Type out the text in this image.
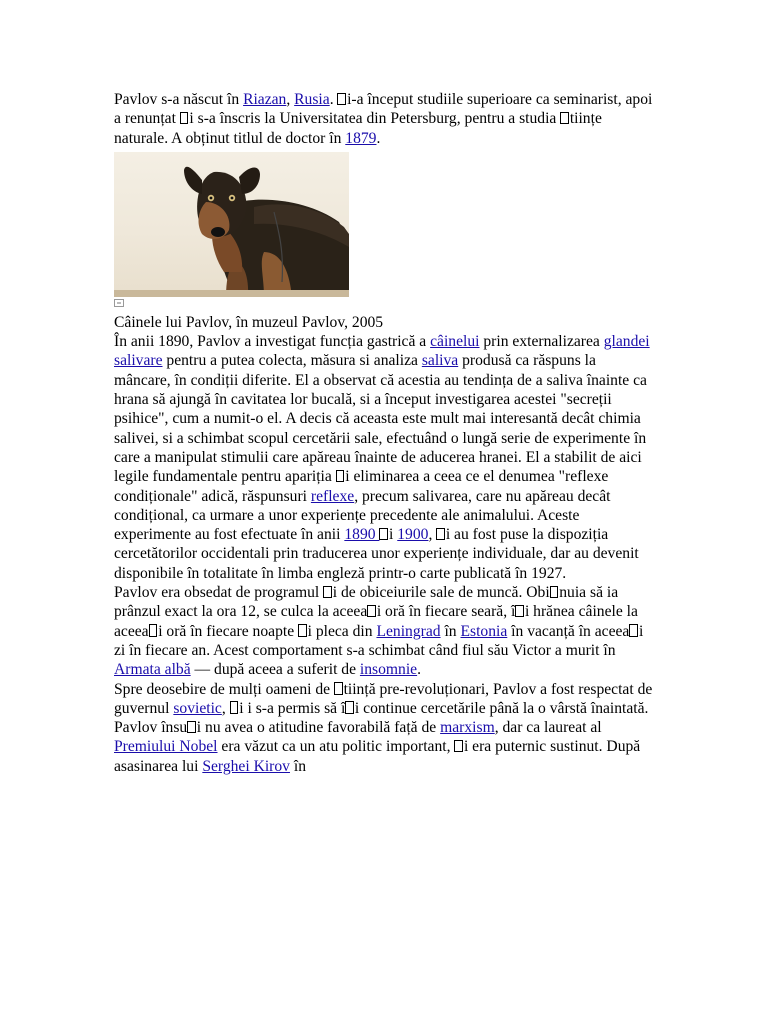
Pavlov s-a născut în Riazan, Rusia. i-a început studiile superioare ca seminarist, apoi a renunțat i s-a înscris la Universitatea din Petersburg, pentru a studia tiințe naturale. A obținut titlul de doctor în 1879.

Câinele lui Pavlov, în muzeul Pavlov, 2005

În anii 1890, Pavlov a investigat funcția gastrică a câinelui prin externalizarea glandei salivare pentru a putea colecta, măsura si analiza saliva produsă ca răspuns la mâncare, în condiții diferite. El a observat că acestia au tendința de a saliva înainte ca hrana să ajungă în cavitatea lor bucală, si a început investigarea acestei "secreții psihice", cum a numit-o el. A decis că aceasta este mult mai interesantă decât chimia salivei, si a schimbat scopul cercetării sale, efectuând o lungă serie de experimente în care a manipulat stimulii care apăreau înainte de aducerea hranei. El a stabilit de aici legile fundamentale pentru apariția i eliminarea a ceea ce el denumea "reflexe condiționale" adică, răspunsuri reflexe, precum salivarea, care nu apăreau decât condițional, ca urmare a unor experiențe precedente ale animalului. Aceste experimente au fost efectuate în anii 1890 i 1900, i au fost puse la dispoziția cercetătorilor occidentali prin traducerea unor experiențe individuale, dar au devenit disponibile în totalitate în limba engleză printr-o carte publicată în 1927.

Pavlov era obsedat de programul i de obiceiurile sale de muncă. Obi nuia să ia prânzul exact la ora 12, se culca la aceea i oră în fiecare seară, î i hrănea câinele la aceea i oră în fiecare noapte i pleca din Leningrad în Estonia în vacanță în aceea i zi în fiecare an. Acest comportament s-a schimbat când fiul său Victor a murit în Armata albă — după aceea a suferit de insomnie.

Spre deosebire de mulți oameni de tiință pre-revoluționari, Pavlov a fost respectat de guvernul sovietic, i i s-a permis să î i continue cercetările până la o vârstă înaintată. Pavlov însu i nu avea o atitudine favorabilă față de marxism, dar ca laureat al Premiului Nobel era văzut ca un atu politic important, i era puternic sustinut. După asasinarea lui Serghei Kirov în
